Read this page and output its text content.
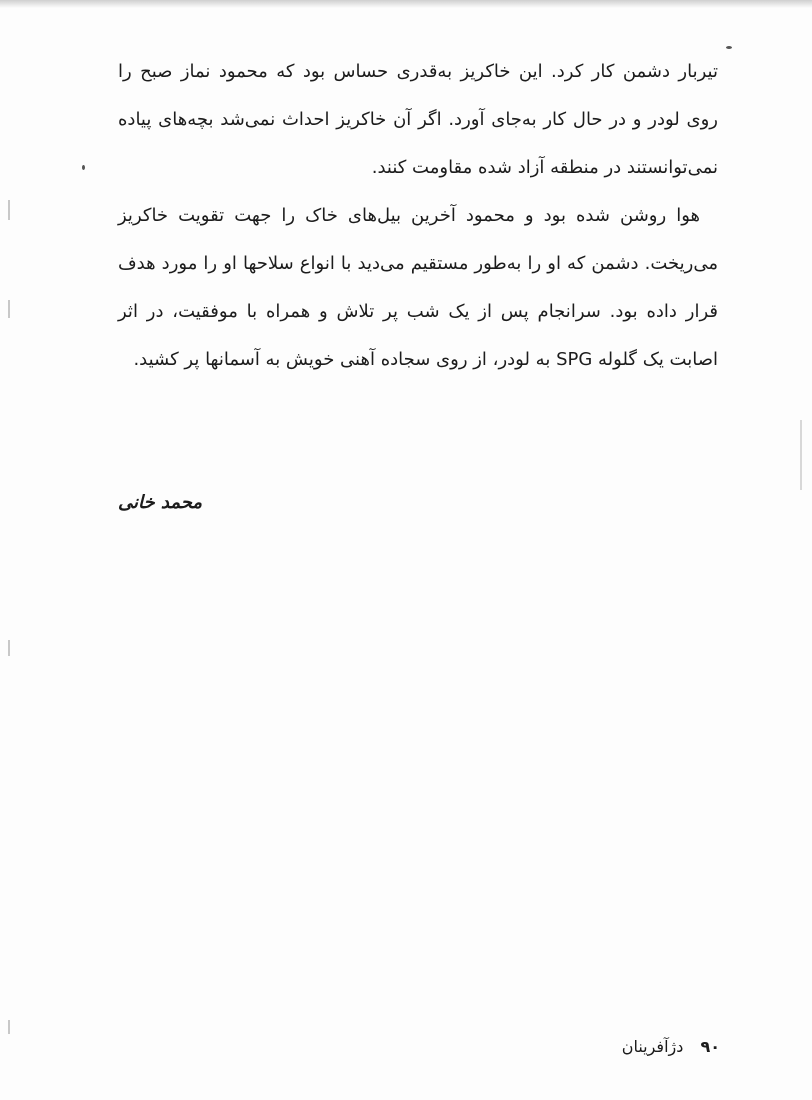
تیربار دشمن کار کرد. این خاکریز به‌قدری حساس بود که محمود نماز صبح را روی لودر و در حال کار به‌جای آورد. اگر آن خاکریز احداث نمی‌شد بچه‌های پیاده نمی‌توانستند در منطقه آزاد شده مقاومت کنند.

هوا روشن شده بود و محمود آخرین بیل‌های خاک را جهت تقویت خاکریز می‌ریخت. دشمن که او را به‌طور مستقیم می‌دید با انواع سلاحها او را مورد هدف قرار داده بود. سرانجام پس از یک شب پر تلاش و همراه با موفقیت، در اثر اصابت یک گلوله SPG به لودر، از روی سجاده آهنی خویش به آسمانها پر کشید.

محمد خانی
۹۰ دژآفرینان
